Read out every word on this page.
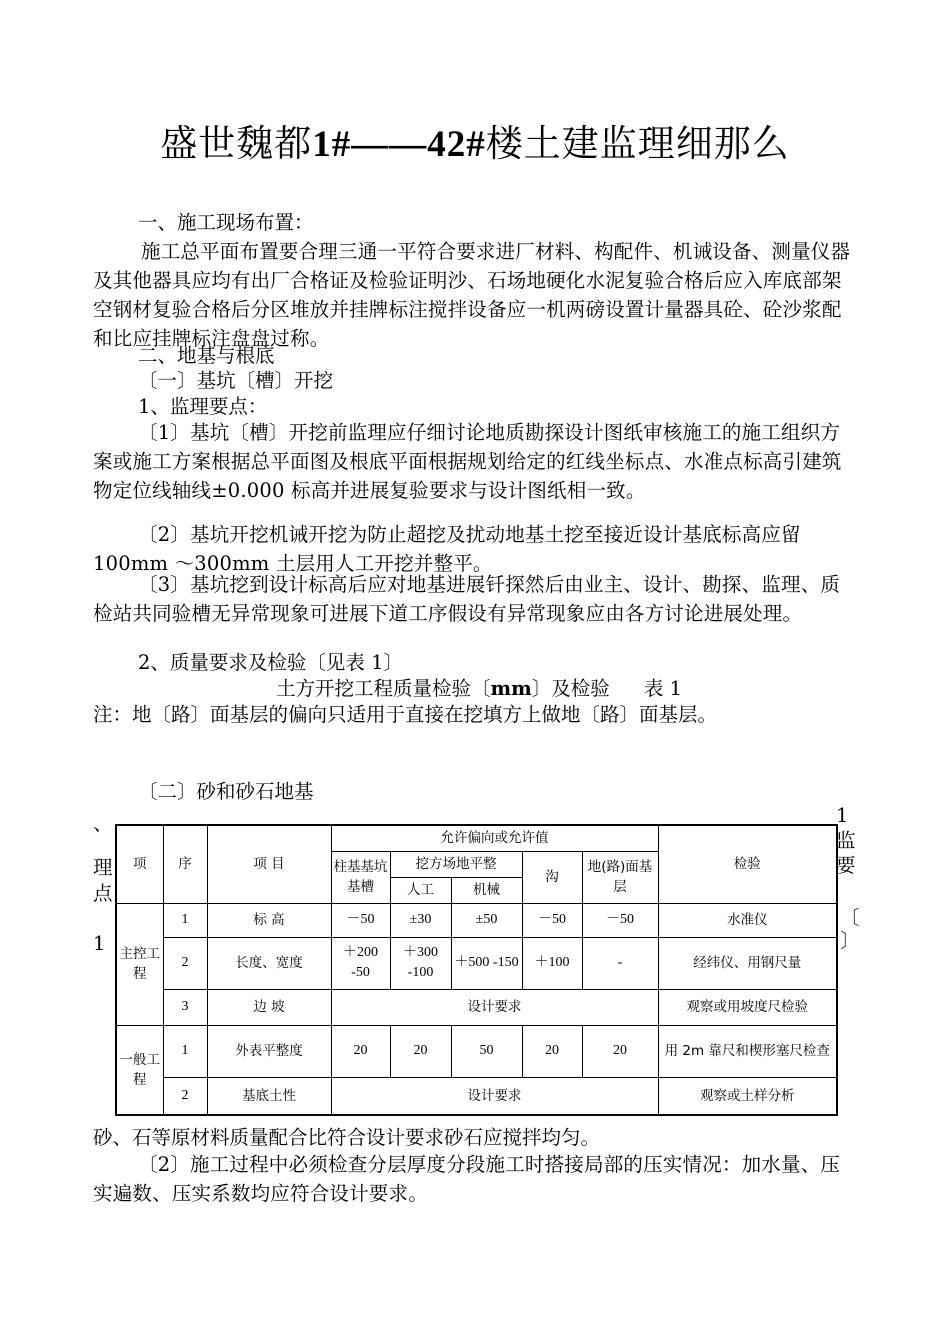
盛世魏都1#——42#楼土建监理细那么
一、施工现场布置：
施工总平面布置要合理三通一平符合要求进厂材料、构配件、机诫设备、测量仪器及其他器具应均有出厂合格证及检验证明沙、石场地硬化水泥复验合格后应入库底部架空钢材复验合格后分区堆放并挂牌标注搅拌设备应一机两磅设置计量器具砼、砼沙浆配和比应挂牌标注盘盘过称。
二、地基与根底
〔一〕基坑〔槽〕开挖
1、监理要点：
〔1〕基坑〔槽〕开挖前监理应仔细讨论地质勘探设计图纸审核施工的施工组织方案或施工方案根据总平面图及根底平面根据规划给定的红线坐标点、水准点标高引建筑物定位线轴线±0.000 标高并进展复验要求与设计图纸相一致。
〔2〕基坑开挖机诫开挖为防止超挖及扰动地基土挖至接近设计基底标高应留 100mm ～300mm 土层用人工开挖并整平。
〔3〕基坑挖到设计标高后应对地基进展钎探然后由业主、设计、勘探、监理、质检站共同验槽无异常现象可进展下道工序假设有异常现象应由各方讨论进展处理。
2、质量要求及检验〔见表 1〕
土方开挖工程质量检验〔mm〕及检验 表 1
注：地〔路〕面基层的偏向只适用于直接在挖填方上做地〔路〕面基层。
〔二〕砂和砂石地基
、
理
点
1
1
监
要
〔
〕
项	序	项 目	允许偏向或允许值					检验
			柱基基坑基槽	挖方场地平整		沟	地(路)面基层	
				人工	机械			
主控工程	1	标 高	－50	±30	±50	－50	－50	水准仪
	2	长度、宽度	＋200 -50	＋300 -100	＋500 -150	＋100	-	经纬仪、用钢尺量
	3	边 坡	设计要求					观察或用坡度尺检验
一般工程	1	外表平整度	20	20	50	20	20	用 2m 靠尺和楔形塞尺检查
	2	基底土性	设计要求					观察或土样分析
砂、石等原材料质量配合比符合设计要求砂石应搅拌均匀。
〔2〕施工过程中必须检查分层厚度分段施工时搭接局部的压实情况：加水量、压实遍数、压实系数均应符合设计要求。
